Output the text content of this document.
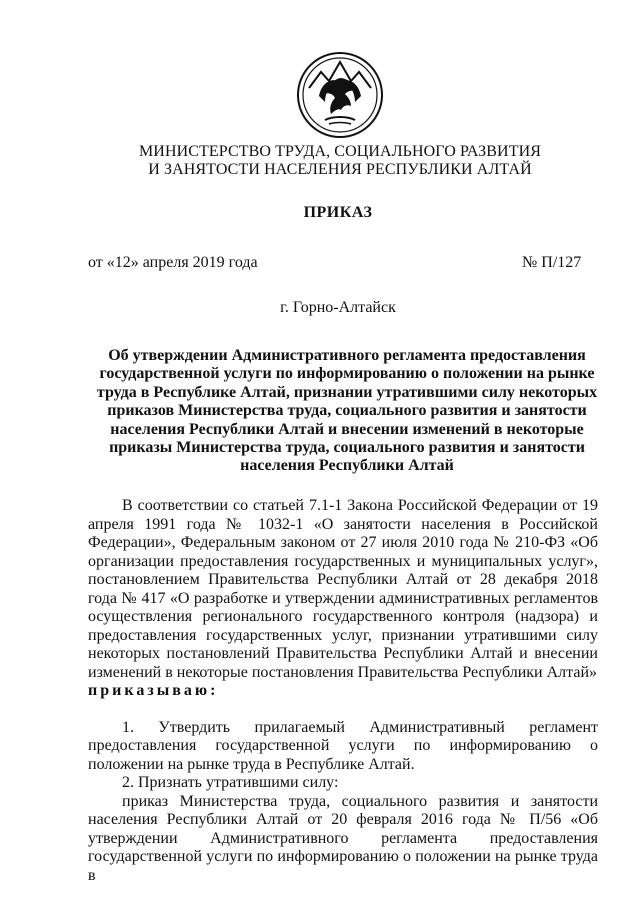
МИНИСТЕРСТВО ТРУДА, СОЦИАЛЬНОГО РАЗВИТИЯ
И ЗАНЯТОСТИ НАСЕЛЕНИЯ РЕСПУБЛИКИ АЛТАЙ
ПРИКАЗ
от «12» апреля 2019 года	№ П/127
г. Горно-Алтайск
Об утверждении Административного регламента предоставления государственной услуги по информированию о положении на рынке труда в Республике Алтай, признании утратившими силу некоторых приказов Министерства труда, социального развития и занятости населения Республики Алтай и внесении изменений в некоторые приказы Министерства труда, социального развития и занятости населения Республики Алтай

В соответствии со статьей 7.1-1 Закона Российской Федерации от 19 апреля 1991 года № 1032-1 «О занятости населения в Российской Федерации», Федеральным законом от 27 июля 2010 года № 210-ФЗ «Об организации предоставления государственных и муниципальных услуг», постановлением Правительства Республики Алтай от 28 декабря 2018 года № 417 «О разработке и утверждении административных регламентов осуществления регионального государственного контроля (надзора) и предоставления государственных услуг, признании утратившими силу некоторых постановлений Правительства Республики Алтай и внесении изменений в некоторые постановления Правительства Республики Алтай»

приказываю:

1. Утвердить прилагаемый Административный регламент предоставления государственной услуги по информированию о положении на рынке труда в Республике Алтай.

2. Признать утратившими силу:

приказ Министерства труда, социального развития и занятости населения Республики Алтай от 20 февраля 2016 года № П/56 «Об утверждении Административного регламента предоставления государственной услуги по информированию о положении на рынке труда в
